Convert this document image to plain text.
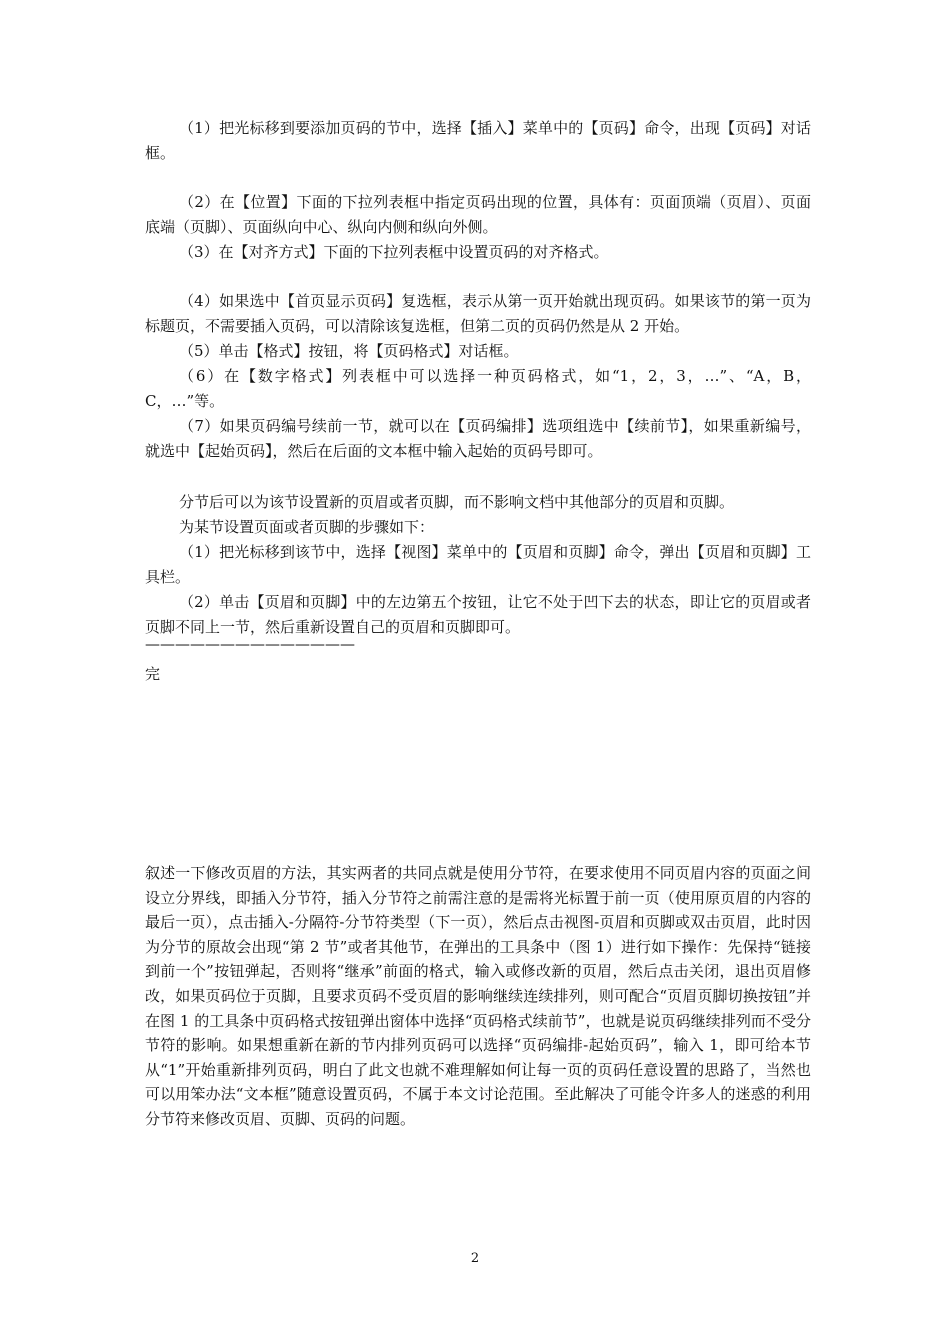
（1）把光标移到要添加页码的节中，选择【插入】菜单中的【页码】命令，出现【页码】对话框。

（2）在【位置】下面的下拉列表框中指定页码出现的位置，具体有：页面顶端（页眉）、页面底端（页脚）、页面纵向中心、纵向内侧和纵向外侧。

（3）在【对齐方式】下面的下拉列表框中设置页码的对齐格式。

（4）如果选中【首页显示页码】复选框，表示从第一页开始就出现页码。如果该节的第一页为标题页，不需要插入页码，可以清除该复选框，但第二页的页码仍然是从 2 开始。

（5）单击【格式】按钮，将【页码格式】对话框。

（6）在【数字格式】列表框中可以选择一种页码格式，如“1，2，3，…”、“A，B，C，…”等。

（7）如果页码编号续前一节，就可以在【页码编排】选项组选中【续前节】，如果重新编号，就选中【起始页码】，然后在后面的文本框中输入起始的页码号即可。

分节后可以为该节设置新的页眉或者页脚，而不影响文档中其他部分的页眉和页脚。

为某节设置页面或者页脚的步骤如下：

（1）把光标移到该节中，选择【视图】菜单中的【页眉和页脚】命令，弹出【页眉和页脚】工具栏。

（2）单击【页眉和页脚】中的左边第五个按钮，让它不处于凹下去的状态，即让它的页眉或者页脚不同上一节，然后重新设置自己的页眉和页脚即可。

——————————————
完

叙述一下修改页眉的方法，其实两者的共同点就是使用分节符，在要求使用不同页眉内容的页面之间设立分界线，即插入分节符，插入分节符之前需注意的是需将光标置于前一页（使用原页眉的内容的最后一页），点击插入-分隔符-分节符类型（下一页），然后点击视图-页眉和页脚或双击页眉，此时因为分节的原故会出现“第 2 节”或者其他节，在弹出的工具条中（图 1）进行如下操作：先保持“链接到前一个”按钮弹起，否则将“继承”前面的格式，输入或修改新的页眉，然后点击关闭，退出页眉修改，如果页码位于页脚，且要求页码不受页眉的影响继续连续排列，则可配合“页眉页脚切换按钮”并在图 1 的工具条中页码格式按钮弹出窗体中选择“页码格式续前节”，也就是说页码继续排列而不受分节符的影响。如果想重新在新的节内排列页码可以选择“页码编排-起始页码”，输入 1，即可给本节从“1”开始重新排列页码，明白了此文也就不难理解如何让每一页的页码任意设置的思路了，当然也可以用笨办法“文本框”随意设置页码，不属于本文讨论范围。至此解决了可能令许多人的迷惑的利用分节符来修改页眉、页脚、页码的问题。

2
